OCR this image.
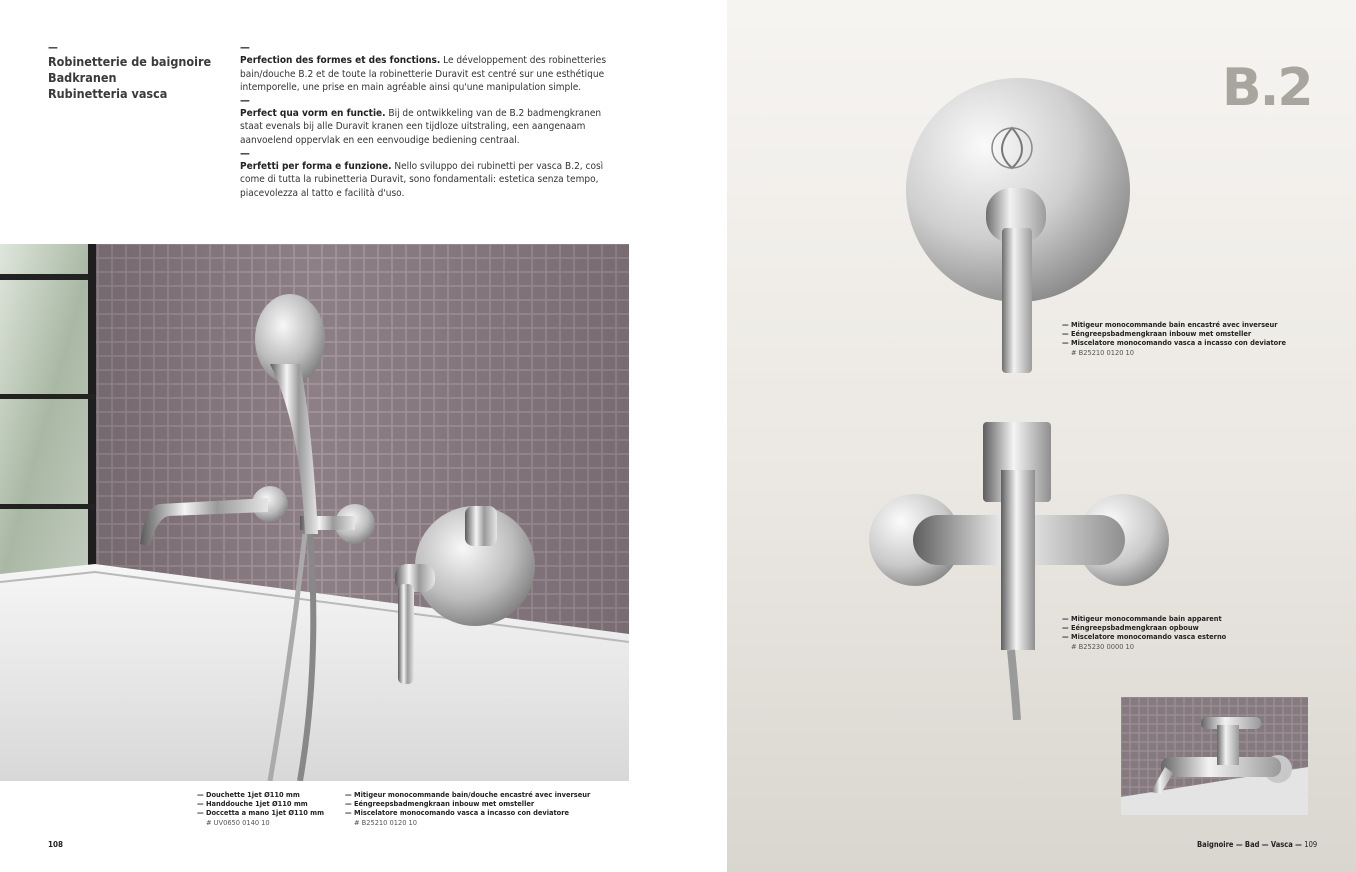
—
Robinetterie de baignoire
Badkranen
Rubinetteria vasca
—

Perfection des formes et des fonctions. Le développement des robinetteries bain/douche B.2 et de toute la robinetterie Duravit est centré sur une esthétique intemporelle, une prise en main agréable ainsi qu'une manipulation simple.

—

Perfect qua vorm en functie. Bij de ontwikkeling van de B.2 badmengkranen staat evenals bij alle Duravit kranen een tijdloze uitstraling, een aangenaam aanvoelend oppervlak en een eenvoudige bediening centraal.

—

Perfetti per forma e funzione. Nello sviluppo dei rubinetti per vasca B.2, così come di tutta la rubinetteria Duravit, sono fondamentali: estetica senza tempo, piacevolezza al tatto e facilità d'uso.

— Douchette 1jet Ø110 mm
— Handdouche 1jet Ø110 mm
— Doccetta a mano 1jet Ø110 mm
# UV0650 0140 10
— Mitigeur monocommande bain/douche encastré avec inverseur
— Eéngreepsbadmengkraan inbouw met omsteller
— Miscelatore monocomando vasca a incasso con deviatore
# B25210 0120 10
108
B.2
— Mitigeur monocommande bain encastré avec inverseur
— Eéngreepsbadmengkraan inbouw met omsteller
— Miscelatore monocomando vasca a incasso con deviatore
# B25210 0120 10
— Mitigeur monocommande bain apparent
— Eéngreepsbadmengkraan opbouw
— Miscelatore monocomando vasca esterno
# B25230 0000 10
Baignoire — Bad — Vasca — 109
